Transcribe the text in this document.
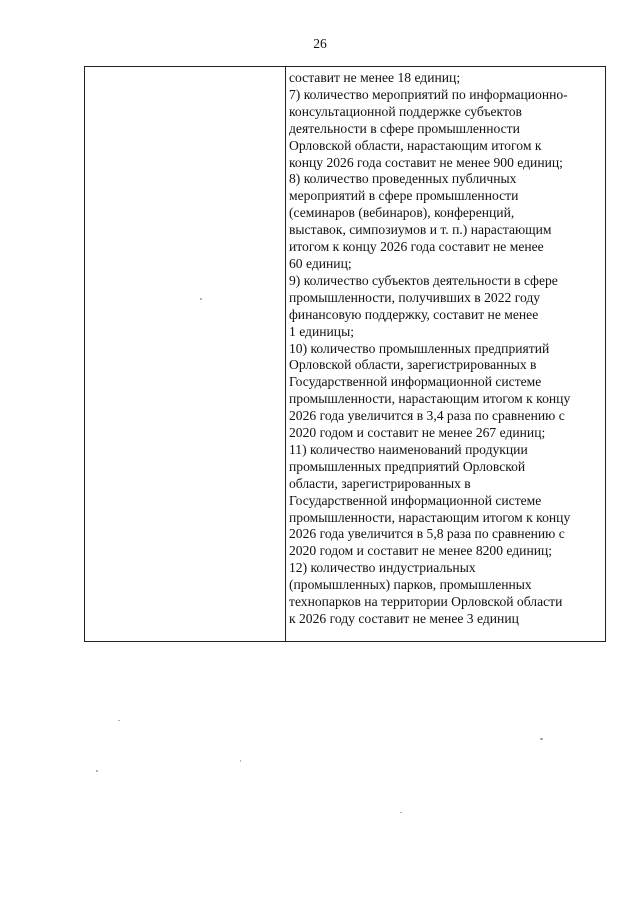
26
составит не менее 18 единиц;
7) количество мероприятий по информационно-
консультационной поддержке субъектов
деятельности в сфере промышленности
Орловской области, нарастающим итогом к
концу 2026 года составит не менее 900 единиц;
8) количество проведенных публичных
мероприятий в сфере промышленности
(семинаров (вебинаров), конференций,
выставок, симпозиумов и т. п.) нарастающим
итогом к концу 2026 года составит не менее
60 единиц;
9) количество субъектов деятельности в сфере
промышленности, получивших в 2022 году
финансовую поддержку, составит не менее
1 единицы;
10) количество промышленных предприятий
Орловской области, зарегистрированных в
Государственной информационной системе
промышленности, нарастающим итогом к концу
2026 года увеличится в 3,4 раза по сравнению с
2020 годом и составит не менее 267 единиц;
11) количество наименований продукции
промышленных предприятий Орловской
области, зарегистрированных в
Государственной информационной системе
промышленности, нарастающим итогом к концу
2026 года увеличится в 5,8 раза по сравнению с
2020 годом и составит не менее 8200 единиц;
12) количество индустриальных
(промышленных) парков, промышленных
технопарков на территории Орловской области
к 2026 году составит не менее 3 единиц
